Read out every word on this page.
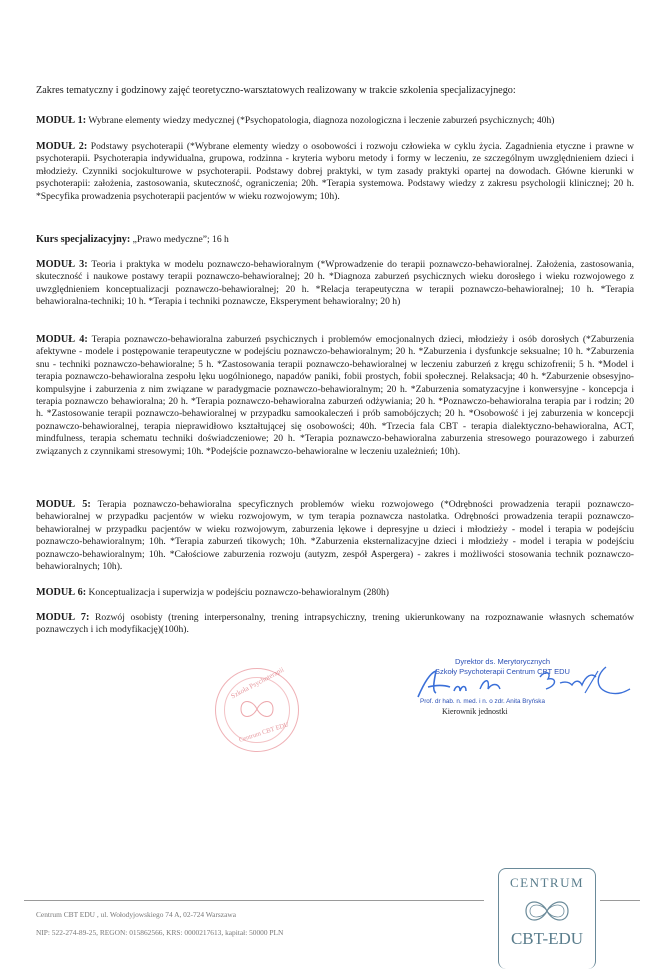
Zakres tematyczny i godzinowy zajęć teoretyczno-warsztatowych realizowany w trakcie szkolenia specjalizacyjnego:
MODUŁ 1: Wybrane elementy wiedzy medycznej (*Psychopatologia, diagnoza nozologiczna i leczenie zaburzeń psychicznych; 40h)
MODUŁ 2: Podstawy psychoterapii (*Wybrane elementy wiedzy o osobowości i rozwoju człowieka w cyklu życia. Zagadnienia etyczne i prawne w psychoterapii. Psychoterapia indywidualna, grupowa, rodzinna - kryteria wyboru metody i formy w leczeniu, ze szczególnym uwzględnieniem dzieci i młodzieży. Czynniki socjokulturowe w psychoterapii. Podstawy dobrej praktyki, w tym zasady praktyki opartej na dowodach. Główne kierunki w psychoterapii: założenia, zastosowania, skuteczność, ograniczenia; 20h. *Terapia systemowa. Podstawy wiedzy z zakresu psychologii klinicznej; 20 h. *Specyfika prowadzenia psychoterapii pacjentów w wieku rozwojowym; 10h).
Kurs specjalizacyjny: „Prawo medyczne”; 16 h
MODUŁ 3: Teoria i praktyka w modelu poznawczo-behawioralnym (*Wprowadzenie do terapii poznawczo-behawioralnej. Założenia, zastosowania, skuteczność i naukowe postawy terapii poznawczo-behawioralnej; 20 h. *Diagnoza zaburzeń psychicznych wieku dorosłego i wieku rozwojowego z uwzględnieniem konceptualizacji poznawczo-behawioralnej; 20 h. *Relacja terapeutyczna w terapii poznawczo-behawioralnej; 10 h. *Terapia behawioralna-techniki; 10 h. *Terapia i techniki poznawcze, Eksperyment behawioralny; 20 h)
MODUŁ 4: Terapia poznawczo-behawioralna zaburzeń psychicznych i problemów emocjonalnych dzieci, młodzieży i osób dorosłych (*Zaburzenia afektywne - modele i postępowanie terapeutyczne w podejściu poznawczo-behawioralnym; 20 h. *Zaburzenia i dysfunkcje seksualne; 10 h. *Zaburzenia snu - techniki poznawczo-behawioralne; 5 h. *Zastosowania terapii poznawczo-behawioralnej w leczeniu zaburzeń z kręgu schizofrenii; 5 h. *Model i terapia poznawczo-behawioralna zespołu lęku uogólnionego, napadów paniki, fobii prostych, fobii społecznej. Relaksacja; 40 h. *Zaburzenie obsesyjno-kompulsyjne i zaburzenia z nim związane w paradygmacie poznawczo-behawioralnym; 20 h. *Zaburzenia somatyzacyjne i konwersyjne - koncepcja i terapia poznawczo behawioralna; 20 h. *Terapia poznawczo-behawioralna zaburzeń odżywiania; 20 h. *Poznawczo-behawioralna terapia par i rodzin; 20 h. *Zastosowanie terapii poznawczo-behawioralnej w przypadku samookaleczeń i prób samobójczych; 20 h. *Osobowość i jej zaburzenia w koncepcji poznawczo-behawioralnej, terapia nieprawidłowo kształtującej się osobowości; 40h. *Trzecia fala CBT - terapia dialektyczno-behawioralna, ACT, mindfulness, terapia schematu techniki doświadczeniowe; 20 h. *Terapia poznawczo-behawioralna zaburzenia stresowego pourazowego i zaburzeń związanych z czynnikami stresowymi; 10h. *Podejście poznawczo-behawioralne w leczeniu uzależnień; 10h).
MODUŁ 5: Terapia poznawczo-behawioralna specyficznych problemów wieku rozwojowego (*Odrębności prowadzenia terapii poznawczo-behawioralnej w przypadku pacjentów w wieku rozwojowym, w tym terapia poznawcza nastolatka. Odrębności prowadzenia terapii poznawczo-behawioralnej w przypadku pacjentów w wieku rozwojowym, zaburzenia lękowe i depresyjne u dzieci i młodzieży - model i terapia w podejściu poznawczo-behawioralnym; 10h. *Terapia zaburzeń tikowych; 10h. *Zaburzenia eksternalizacyjne dzieci i młodzieży - model i terapia w podejściu poznawczo-behawioralnym; 10h. *Całościowe zaburzenia rozwoju (autyzm, zespół Aspergera) - zakres i możliwości stosowania technik poznawczo-behawioralnych; 10h).
MODUŁ 6: Konceptualizacja i superwizja w podejściu poznawczo-behawioralnym (280h)
MODUŁ 7: Rozwój osobisty (trening interpersonalny, trening intrapsychiczny, trening ukierunkowany na rozpoznawanie własnych schematów poznawczych i ich modyfikację)(100h).
Szkoła Psychoterapii
Centrum CBT EDU
Dyrektor ds. Merytorycznych
Szkoły Psychoterapii Centrum CBT EDU
Prof. dr hab. n. med. i n. o zdr. Anita Bryńska
Kierownik jednostki
Centrum CBT EDU , ul. Wołodyjowskiego 74 A, 02-724 Warszawa
NIP: 522-274-89-25, REGON: 015862566, KRS: 0000217613, kapitał: 50000 PLN
CENTRUM
CBT-EDU
